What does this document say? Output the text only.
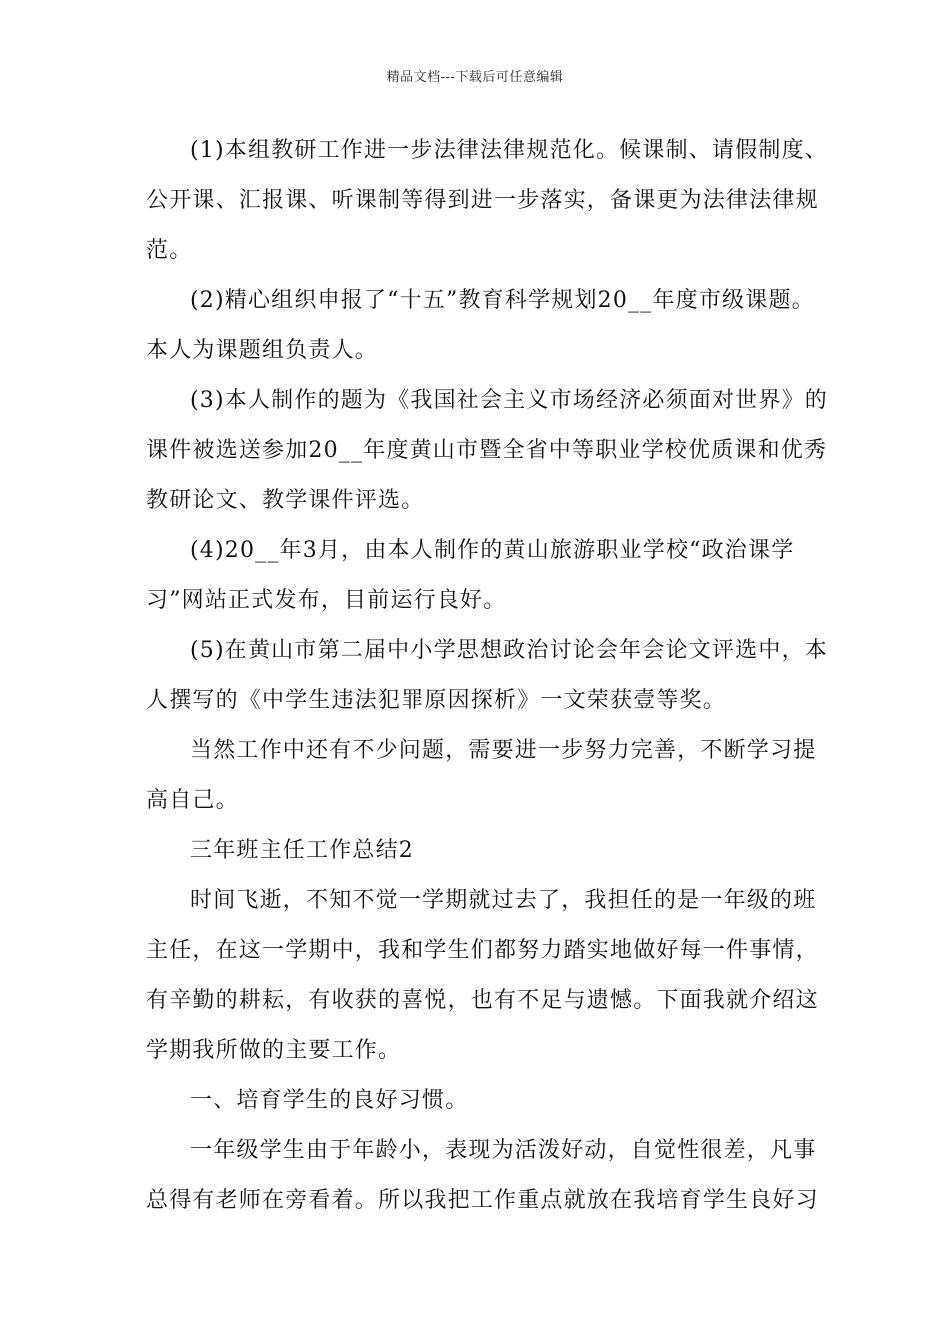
精品文档---下载后可任意编辑
(1)本组教研工作进一步法律法律规范化。候课制、请假制度、
公开课、汇报课、听课制等得到进一步落实，备课更为法律法律规
范。
(2)精心组织申报了“十五”教育科学规划20__年度市级课题。
本人为课题组负责人。
(3)本人制作的题为《我国社会主义市场经济必须面对世界》的
课件被选送参加20__年度黄山市暨全省中等职业学校优质课和优秀
教研论文、教学课件评选。
(4)20__年3月，由本人制作的黄山旅游职业学校“政治课学
习”网站正式发布，目前运行良好。
(5)在黄山市第二届中小学思想政治讨论会年会论文评选中，本
人撰写的《中学生违法犯罪原因探析》一文荣获壹等奖。
当然工作中还有不少问题，需要进一步努力完善，不断学习提
高自己。
三年班主任工作总结2
时间飞逝，不知不觉一学期就过去了，我担任的是一年级的班
主任，在这一学期中，我和学生们都努力踏实地做好每一件事情，
有辛勤的耕耘，有收获的喜悦，也有不足与遗憾。下面我就介绍这
学期我所做的主要工作。
一、培育学生的良好习惯。
一年级学生由于年龄小，表现为活泼好动，自觉性很差，凡事
总得有老师在旁看着。所以我把工作重点就放在我培育学生良好习
